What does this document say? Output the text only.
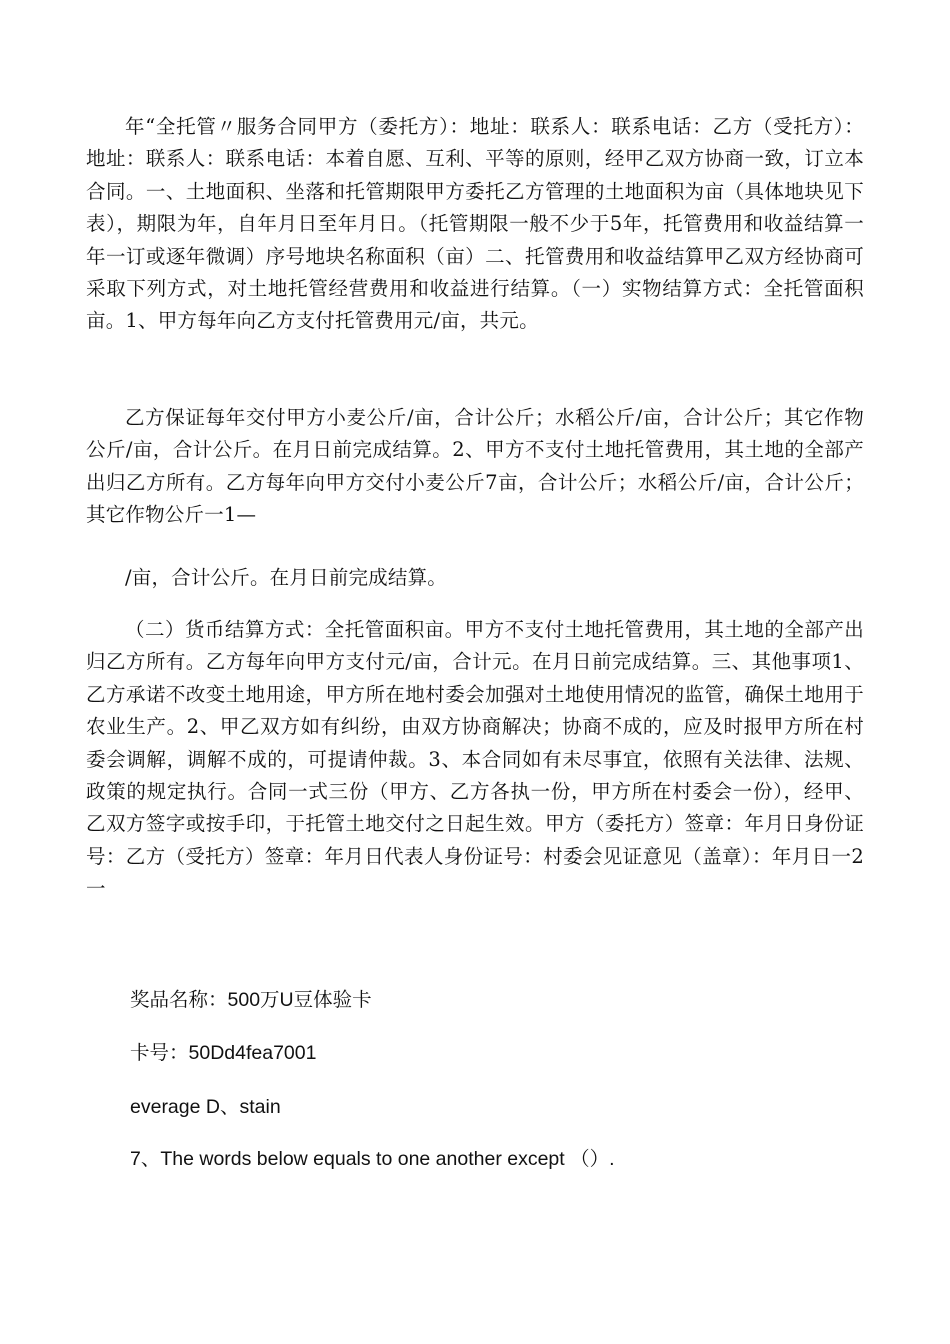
年“全托管〃服务合同甲方（委托方）：地址：联系人：联系电话：乙方（受托方）：地址：联系人：联系电话：本着自愿、互利、平等的原则，经甲乙双方协商一致，订立本合同。一、土地面积、坐落和托管期限甲方委托乙方管理的土地面积为亩（具体地块见下表），期限为年，自年月日至年月日。（托管期限一般不少于5年，托管费用和收益结算一年一订或逐年微调）序号地块名称面积（亩）二、托管费用和收益结算甲乙双方经协商可采取下列方式，对土地托管经营费用和收益进行结算。（一）实物结算方式：全托管面积亩。1、甲方每年向乙方支付托管费用元/亩，共元。

乙方保证每年交付甲方小麦公斤/亩，合计公斤；水稻公斤/亩，合计公斤；其它作物公斤/亩，合计公斤。在月日前完成结算。2、甲方不支付土地托管费用，其土地的全部产出归乙方所有。乙方每年向甲方交付小麦公斤7亩，合计公斤；水稻公斤/亩，合计公斤；其它作物公斤一1—

/亩，合计公斤。在月日前完成结算。

（二）货币结算方式：全托管面积亩。甲方不支付土地托管费用，其土地的全部产出归乙方所有。乙方每年向甲方支付元/亩，合计元。在月日前完成结算。三、其他事项1、乙方承诺不改变土地用途，甲方所在地村委会加强对土地使用情况的监管，确保土地用于农业生产。2、甲乙双方如有纠纷，由双方协商解决；协商不成的，应及时报甲方所在村委会调解，调解不成的，可提请仲裁。3、本合同如有未尽事宜，依照有关法律、法规、政策的规定执行。合同一式三份（甲方、乙方各执一份，甲方所在村委会一份），经甲、乙双方签字或按手印，于托管土地交付之日起生效。甲方（委托方）签章：年月日身份证号：乙方（受托方）签章：年月日代表人身份证号：村委会见证意见（盖章）：年月日一2一

奖品名称：500万U豆体验卡

卡号：50Dd4fea7001

everage D、stain

7、The words below equals to one another except （）.
